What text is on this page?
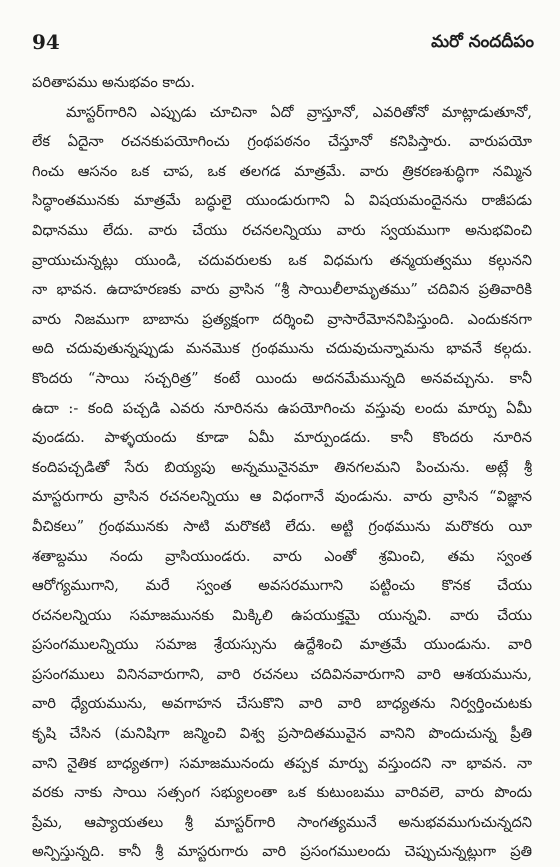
94	మరో నందదీపం
పరితాపము అనుభవం కాదు.
మాస్టర్‌గారిని ఎప్పుడు చూచినా ఏదో వ్రాస్తూనో, ఎవరితోనో మాట్లాడుతూనో,
లేక ఏదైనా రచనకుపయోగించు గ్రంథపఠనం చేస్తూనో కనిపిస్తారు. వారుపయో
గించు ఆసనం ఒక చాప, ఒక తలగడ మాత్రమే. వారు త్రికరణశుద్ధిగా నమ్మిన
సిద్ధాంతమునకు మాత్రమే బద్ధులై యుండురుగాని ఏ విషయమందైనను రాజీపడు
విధానము లేదు. వారు చేయు రచనలన్నియు వారు స్వయముగా అనుభవించి
వ్రాయుచున్నట్లు యుండి, చదువరులకు ఒక విధమగు తన్మయత్వము కల్గునని
నా భావన. ఉదాహరణకు వారు వ్రాసిన “శ్రీ సాయిలీలామృతము” చదివిన ప్రతివారికి
వారు నిజముగా బాబాను ప్రత్యక్షంగా దర్శించి వ్రాసారేమోననిపిస్తుంది. ఎందుకనగా
అది చదువుతున్నప్పుడు మనమొక గ్రంథమును చదువుచున్నామను భావనే కల్గదు.
కొందరు “సాయి సచ్చరిత్ర” కంటే యిందు అదనమేమున్నది అనవచ్చును. కానీ
ఉదా :- కంది పచ్చడి ఎవరు నూరినను ఉపయోగించు వస్తువు లందు మార్పు ఏమీ
వుండదు. పాళ్ళయందు కూడా ఏమీ మార్పుండదు. కానీ కొందరు నూరిన
కందిపచ్చడితో సేరు బియ్యపు అన్నమునైనమా తినగలమని పించును. అట్లే శ్రీ
మాస్టరుగారు వ్రాసిన రచనలన్నియు ఆ విధంగానే వుండును. వారు వ్రాసిన “విజ్ఞాన
వీచికలు” గ్రంథమునకు సాటి మరొకటి లేదు. అట్టి గ్రంథమును మరొకరు యీ
శతాబ్దము నందు వ్రాసియుండరు. వారు ఎంతో శ్రమించి, తమ స్వంత
ఆరోగ్యముగాని, మరే స్వంత అవసరముగాని పట్టించు కొనక చేయు
రచనలన్నియు సమాజమునకు మిక్కిలి ఉపయుక్తమై యున్నవి. వారు చేయు
ప్రసంగములన్నియు సమాజ శ్రేయస్సును ఉద్దేశించి మాత్రమే యుండును. వారి
ప్రసంగములు వినినవారుగాని, వారి రచనలు చదివినవారుగాని వారి ఆశయమును,
వారి ధ్యేయమును, అవగాహన చేసుకొని వారి వారి బాధ్యతను నిర్వర్తించుటకు
కృషి చేసిన (మనిషిగా జన్మించి విశ్వ ప్రసాదితమువైన వానిని పొందుచున్న ప్రీతి
వాని నైతిక బాధ్యతగా) సమాజమునందు తప్పక మార్పు వస్తుందని నా భావన. నా
వరకు నాకు సాయి సత్సంగ సభ్యులంతా ఒక కుటుంబము వారివలె, వారు పొందు
ప్రేమ, ఆప్యాయతలు శ్రీ మాస్టర్‌గారి సాంగత్యమునే అనుభవముగుచున్నదని
అన్పిస్తున్నది. కానీ శ్రీ మాస్టరుగారు వారి ప్రసంగములందు చెప్పుచున్నట్లుగా ప్రతి
